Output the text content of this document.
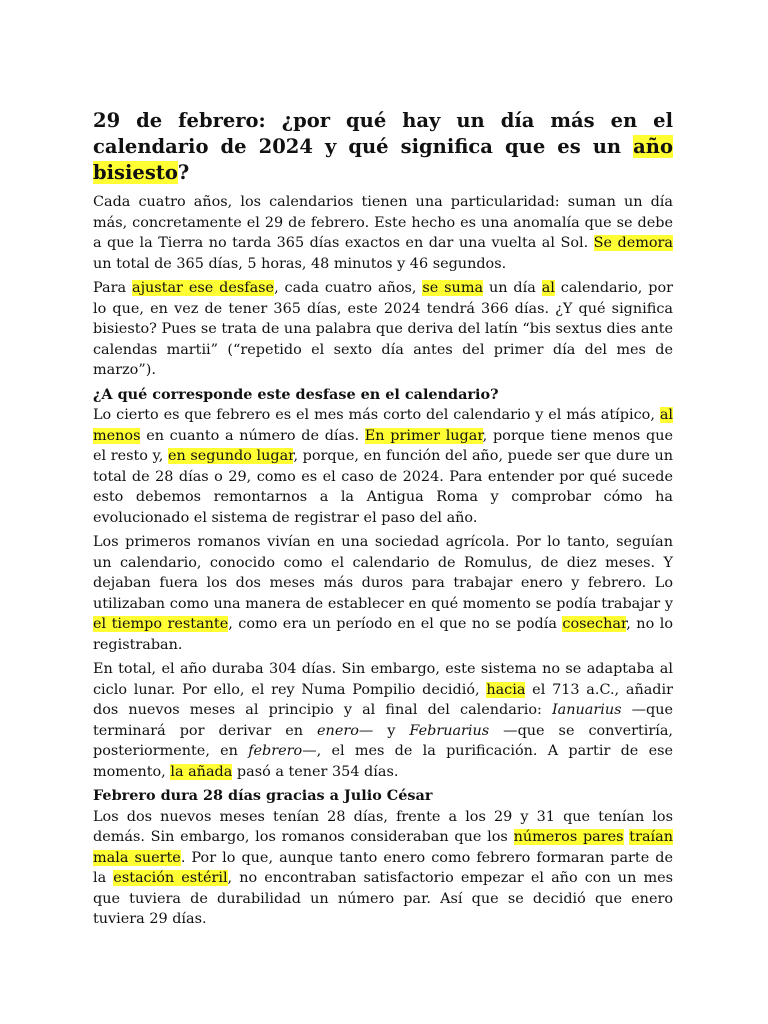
29 de febrero: ¿por qué hay un día más en el calendario de 2024 y qué significa que es un año bisiesto?

Cada cuatro años, los calendarios tienen una particularidad: suman un día más, concretamente el 29 de febrero. Este hecho es una anomalía que se debe a que la Tierra no tarda 365 días exactos en dar una vuelta al Sol. Se demora un total de 365 días, 5 horas, 48 minutos y 46 segundos.

Para ajustar ese desfase, cada cuatro años, se suma un día al calendario, por lo que, en vez de tener 365 días, este 2024 tendrá 366 días. ¿Y qué significa bisiesto? Pues se trata de una palabra que deriva del latín “bis sextus dies ante calendas martii” (“repetido el sexto día antes del primer día del mes de marzo”).

¿A qué corresponde este desfase en el calendario?

Lo cierto es que febrero es el mes más corto del calendario y el más atípico, al menos en cuanto a número de días. En primer lugar, porque tiene menos que el resto y, en segundo lugar, porque, en función del año, puede ser que dure un total de 28 días o 29, como es el caso de 2024. Para entender por qué sucede esto debemos remontarnos a la Antigua Roma y comprobar cómo ha evolucionado el sistema de registrar el paso del año.

Los primeros romanos vivían en una sociedad agrícola. Por lo tanto, seguían un calendario, conocido como el calendario de Romulus, de diez meses. Y dejaban fuera los dos meses más duros para trabajar enero y febrero. Lo utilizaban como una manera de establecer en qué momento se podía trabajar y el tiempo restante, como era un período en el que no se podía cosechar, no lo registraban.

En total, el año duraba 304 días. Sin embargo, este sistema no se adaptaba al ciclo lunar. Por ello, el rey Numa Pompilio decidió, hacia el 713 a.C., añadir dos nuevos meses al principio y al final del calendario: Ianuarius —que terminará por derivar en enero— y Februarius —que se convertiría, posteriormente, en febrero—, el mes de la purificación. A partir de ese momento, la añada pasó a tener 354 días.

Febrero dura 28 días gracias a Julio César

Los dos nuevos meses tenían 28 días, frente a los 29 y 31 que tenían los demás. Sin embargo, los romanos consideraban que los números pares traían mala suerte. Por lo que, aunque tanto enero como febrero formaran parte de la estación estéril, no encontraban satisfactorio empezar el año con un mes que tuviera de durabilidad un número par. Así que se decidió que enero tuviera 29 días.
